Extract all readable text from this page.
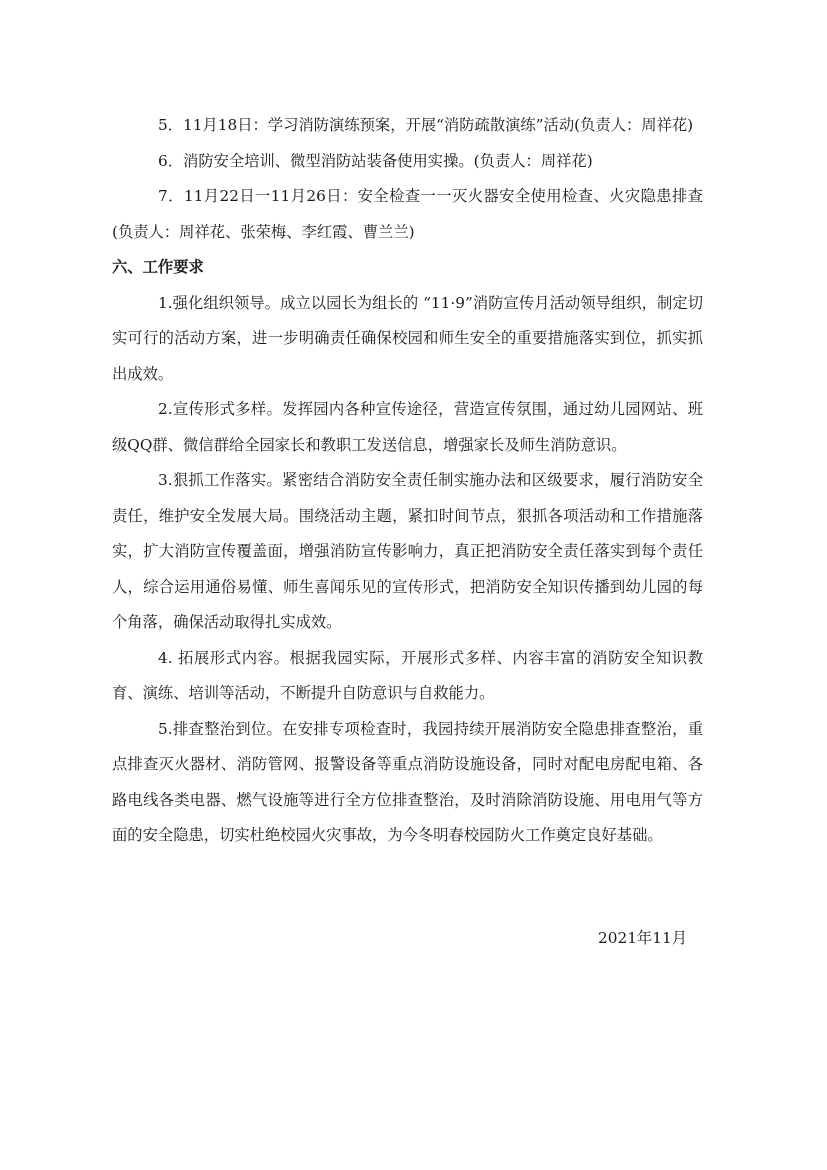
5．11月18日：学习消防演练预案，开展“消防疏散演练”活动(负责人：周祥花)

6．消防安全培训、微型消防站装备使用实操。(负责人：周祥花)

7．11月22日一11月26日：安全检查一一灭火器安全使用检查、火灾隐患排查(负责人：周祥花、张荣梅、李红霞、曹兰兰)

六、工作要求

1.强化组织领导。成立以园长为组长的 “11·9”消防宣传月活动领导组织，制定切实可行的活动方案，进一步明确责任确保校园和师生安全的重要措施落实到位，抓实抓出成效。

2.宣传形式多样。发挥园内各种宣传途径，营造宣传氛围，通过幼儿园网站、班级QQ群、微信群给全园家长和教职工发送信息，增强家长及师生消防意识。

3.狠抓工作落实。紧密结合消防安全责任制实施办法和区级要求，履行消防安全责任，维护安全发展大局。围绕活动主题，紧扣时间节点，狠抓各项活动和工作措施落实，扩大消防宣传覆盖面，增强消防宣传影响力，真正把消防安全责任落实到每个责任人，综合运用通俗易懂、师生喜闻乐见的宣传形式，把消防安全知识传播到幼儿园的每个角落，确保活动取得扎实成效。

4. 拓展形式内容。根据我园实际，开展形式多样、内容丰富的消防安全知识教育、演练、培训等活动，不断提升自防意识与自救能力。

5.排查整治到位。在安排专项检查时，我园持续开展消防安全隐患排查整治，重点排查灭火器材、消防管网、报警设备等重点消防设施设备，同时对配电房配电箱、各路电线各类电器、燃气设施等进行全方位排查整治，及时消除消防设施、用电用气等方面的安全隐患，切实杜绝校园火灾事故，为今冬明春校园防火工作奠定良好基础。

2021年11月
